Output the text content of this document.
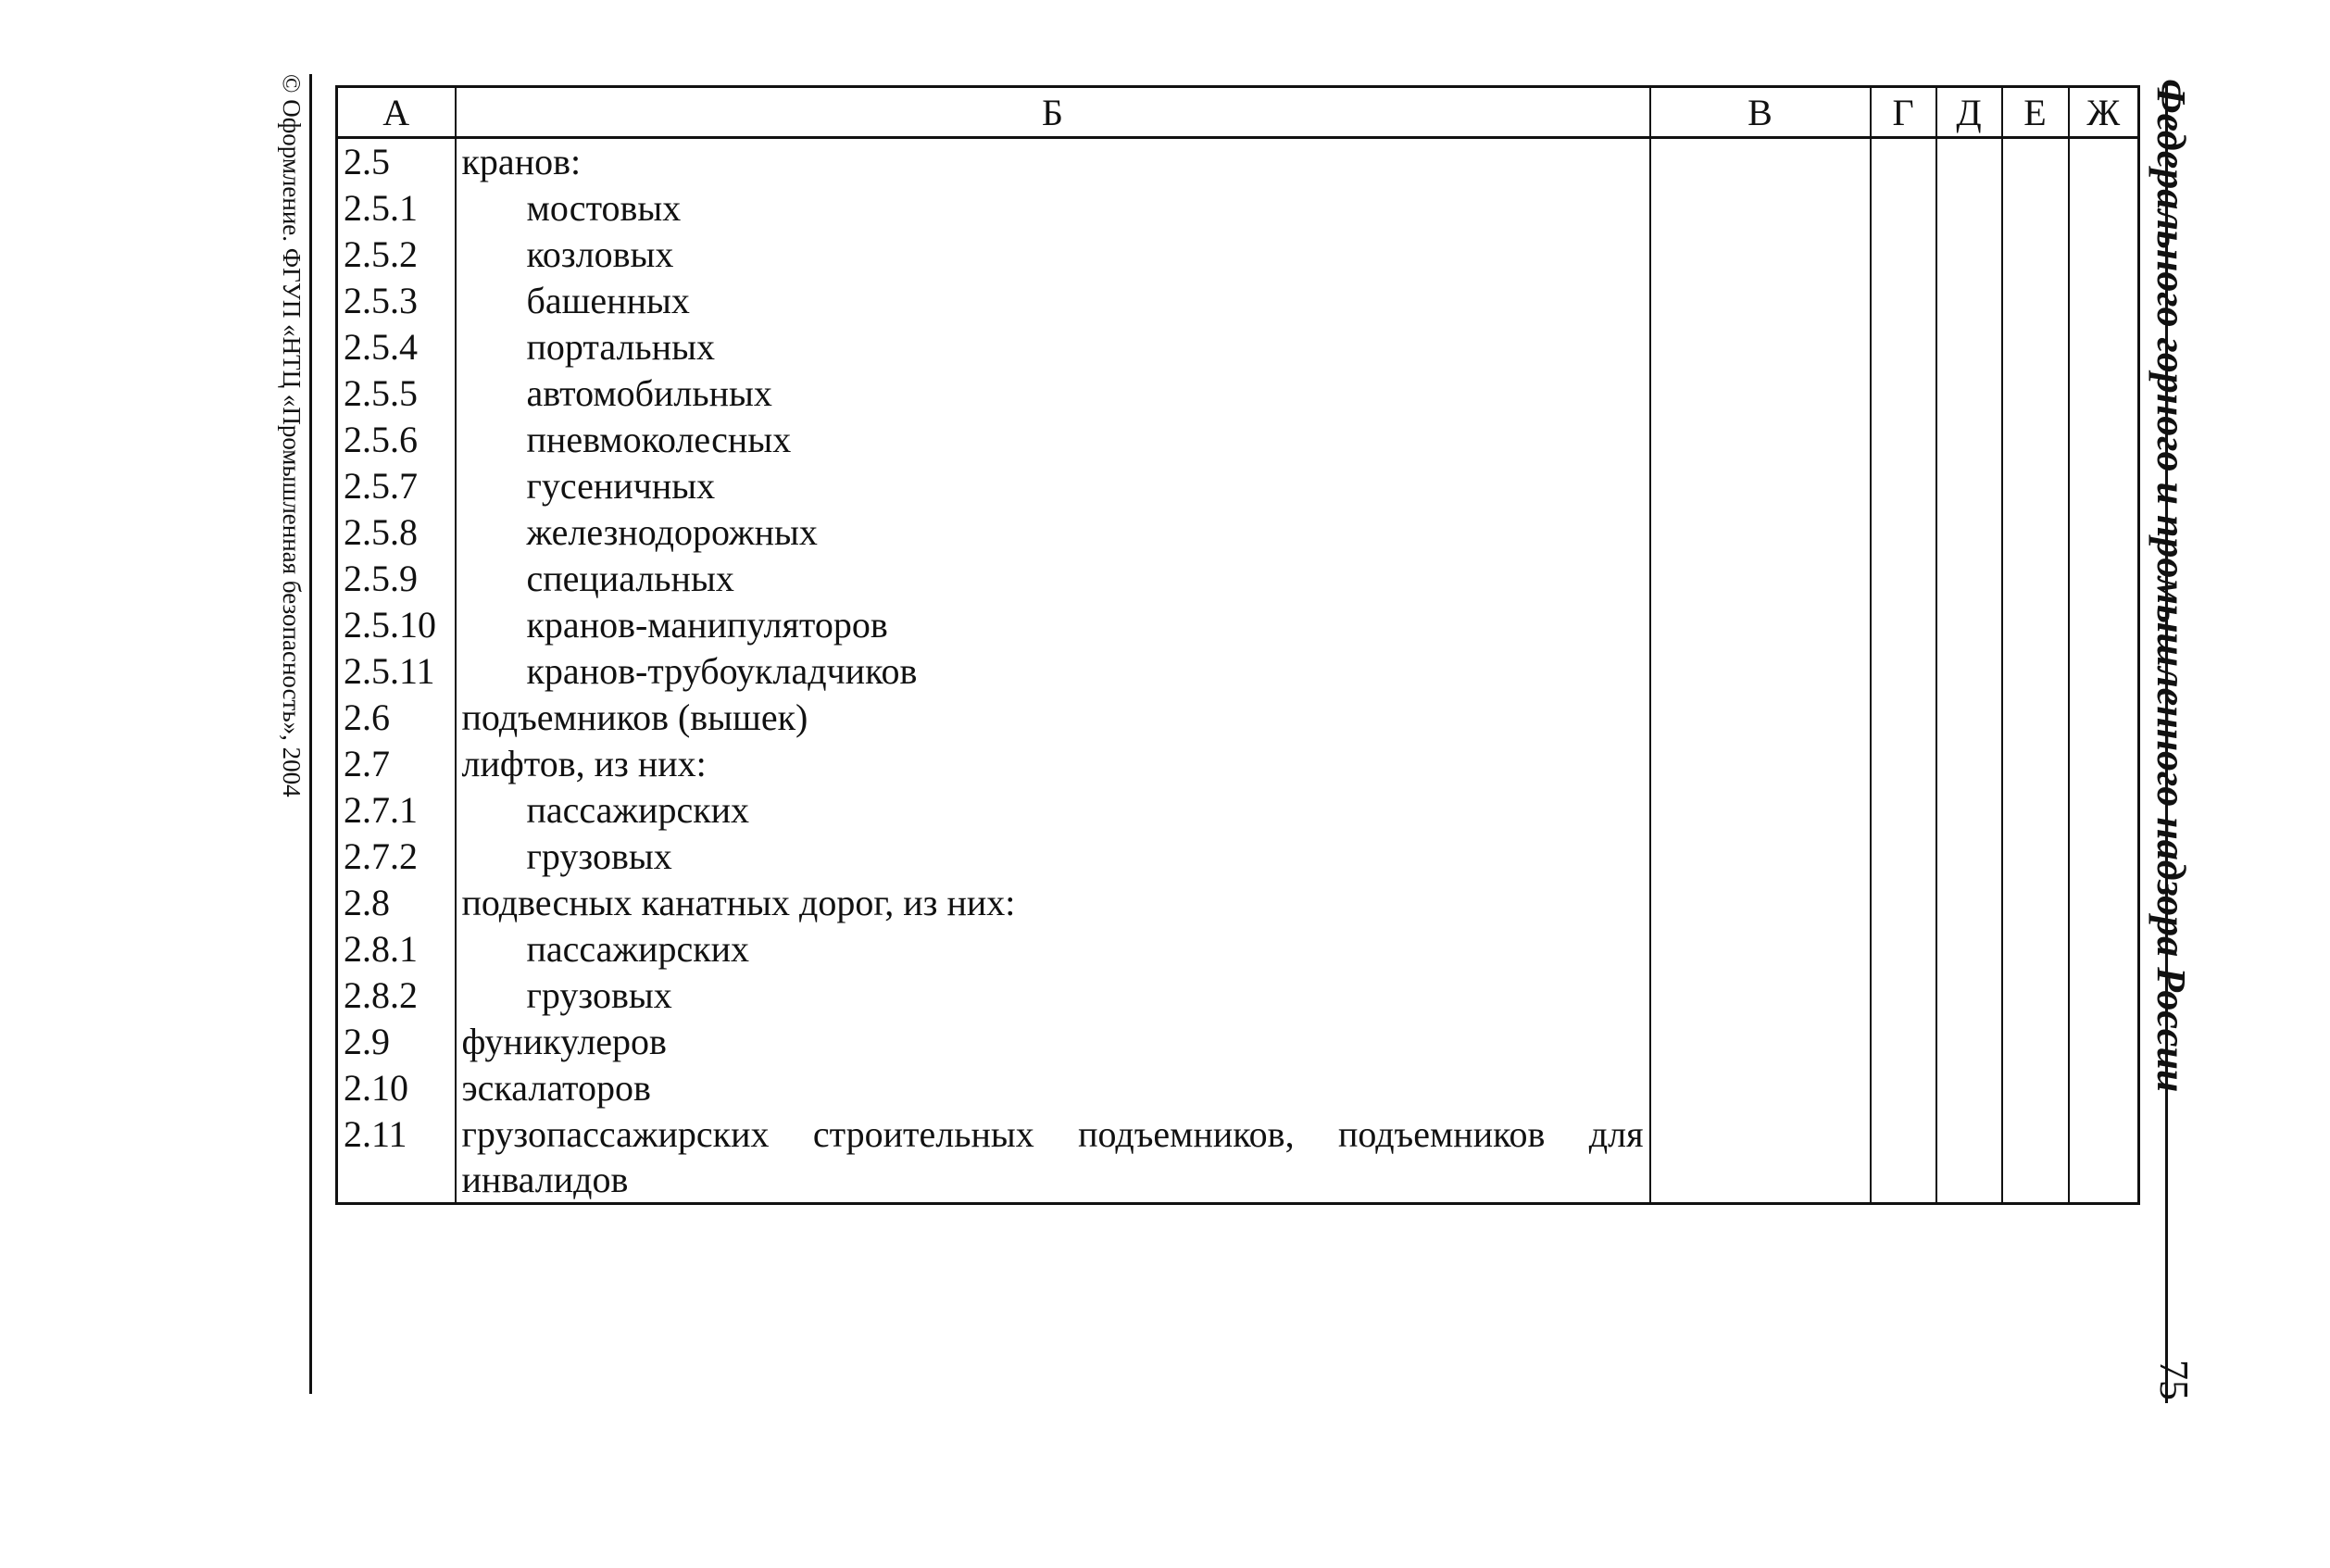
© Оформление. ФГУП «НТЦ «Промышленная безопасность», 2004	Федерального горного и промышленного надзора России
75
А	Б	В	Г	Д	Е	Ж
2.5	кранов:					
2.5.1	мостовых					
2.5.2	козловых					
2.5.3	башенных					
2.5.4	портальных					
2.5.5	автомобильных					
2.5.6	пневмоколесных					
2.5.7	гусеничных					
2.5.8	железнодорожных					
2.5.9	специальных					
2.5.10	кранов-манипуляторов					
2.5.11	кранов-трубоукладчиков					
2.6	подъемников (вышек)					
2.7	лифтов, из них:					
2.7.1	пассажирских					
2.7.2	грузовых					
2.8	подвесных канатных дорог, из них:					
2.8.1	пассажирских					
2.8.2	грузовых					
2.9	фуникулеров					
2.10	эскалаторов					
2.11	грузопассажирских строительных подъемников, подъемников для инвалидов					
